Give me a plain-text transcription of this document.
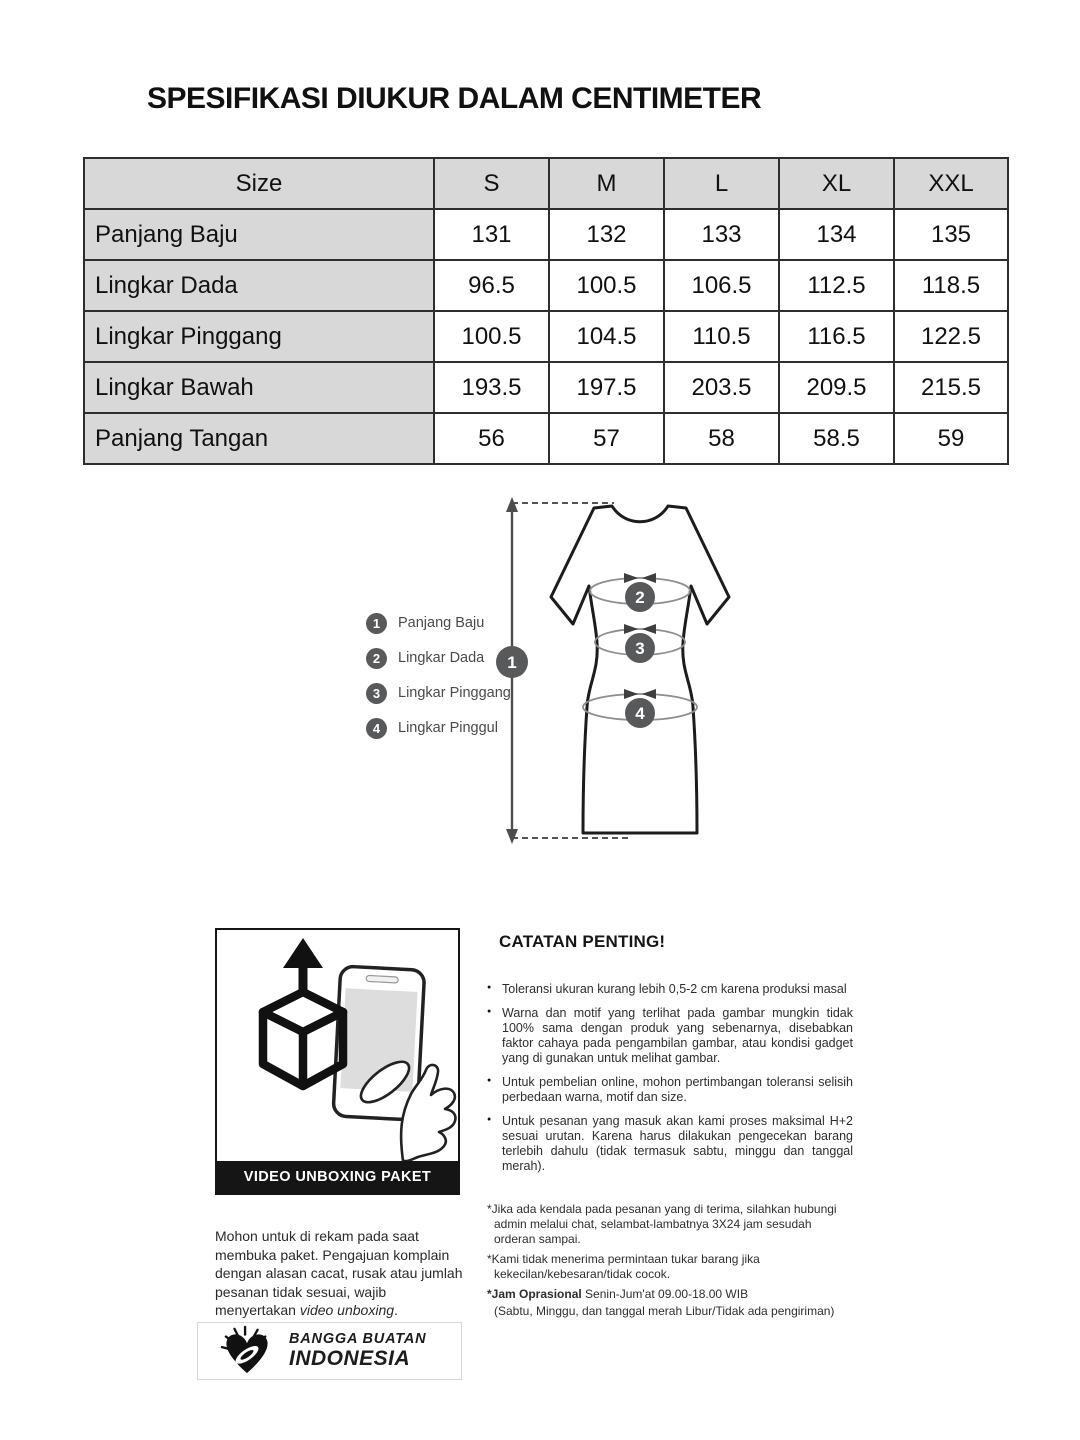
SPESIFIKASI DIUKUR DALAM CENTIMETER
Size	S	M	L	XL	XXL
Panjang Baju	131	132	133	134	135
Lingkar Dada	96.5	100.5	106.5	112.5	118.5
Lingkar Pinggang	100.5	104.5	110.5	116.5	122.5
Lingkar Bawah	193.5	197.5	203.5	209.5	215.5
Panjang Tangan	56	57	58	58.5	59
1
2
3
4
1	Panjang Baju
2	Lingkar Dada
3	Lingkar Pinggang
4	Lingkar Pinggul
VIDEO UNBOXING PAKET

Mohon untuk di rekam pada saat membuka paket. Pengajuan komplain dengan alasan cacat, rusak atau jumlah pesanan tidak sesuai, wajib menyertakan video unboxing.

CATATAN PENTING!
● Toleransi ukuran kurang lebih 0,5-2 cm karena produksi masal
● Warna dan motif yang terlihat pada gambar mungkin tidak 100% sama dengan produk yang sebenarnya, disebabkan faktor cahaya pada pengambilan gambar, atau kondisi gadget yang di gunakan untuk melihat gambar.
● Untuk pembelian online, mohon pertimbangan toleransi selisih perbedaan warna, motif dan size.
● Untuk pesanan yang masuk akan kami proses maksimal H+2 sesuai urutan. Karena harus dilakukan pengecekan barang terlebih dahulu (tidak termasuk sabtu, minggu dan tanggal merah).

*Jika ada kendala pada pesanan yang di terima, silahkan hubungi admin melalui chat, selambat-lambatnya 3X24 jam sesudah orderan sampai.

*Kami tidak menerima permintaan tukar barang jika kekecilan/kebesaran/tidak cocok.

*Jam Oprasional Senin-Jum'at 09.00-18.00 WIB

(Sabtu, Minggu, dan tanggal merah Libur/Tidak ada pengiriman)

BANGGA BUATAN
INDONESIA
